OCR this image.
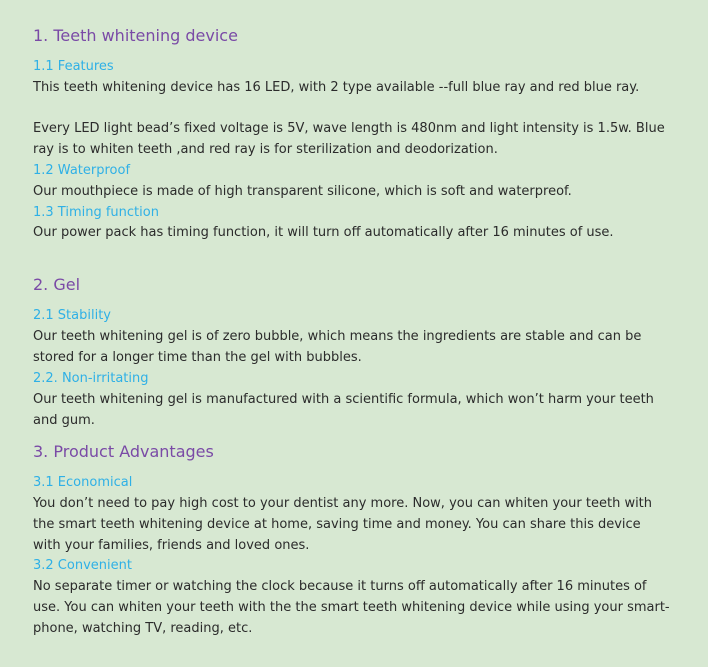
1. Teeth whitening device
1.1 Features
This teeth whitening device has 16 LED, with 2 type available --full blue ray and red blue ray.
Every LED light bead’s fixed voltage is 5V, wave length is 480nm and light intensity is 1.5w. Blue ray is to whiten teeth ,and red ray is for sterilization and deodorization.
1.2 Waterproof
Our mouthpiece is made of high transparent silicone, which is soft and waterpreof.
1.3 Timing function
Our power pack has timing function, it will turn off automatically after 16 minutes of use.
2. Gel
2.1 Stability
Our teeth whitening gel is of zero bubble, which means the ingredients are stable and can be stored for a longer time than the gel with bubbles.
2.2. Non-irritating
Our teeth whitening gel is manufactured with a scientific formula, which won’t harm your teeth and gum.
3. Product Advantages
3.1 Economical
You don’t need to pay high cost to your dentist any more. Now, you can whiten your teeth with the smart teeth whitening device at home, saving time and money. You can share this device with your families, friends and loved ones.
3.2 Convenient
No separate timer or watching the clock because it turns off automatically after 16 minutes of use. You can whiten your teeth with the the smart teeth whitening device while using your smart-phone, watching TV, reading, etc.
